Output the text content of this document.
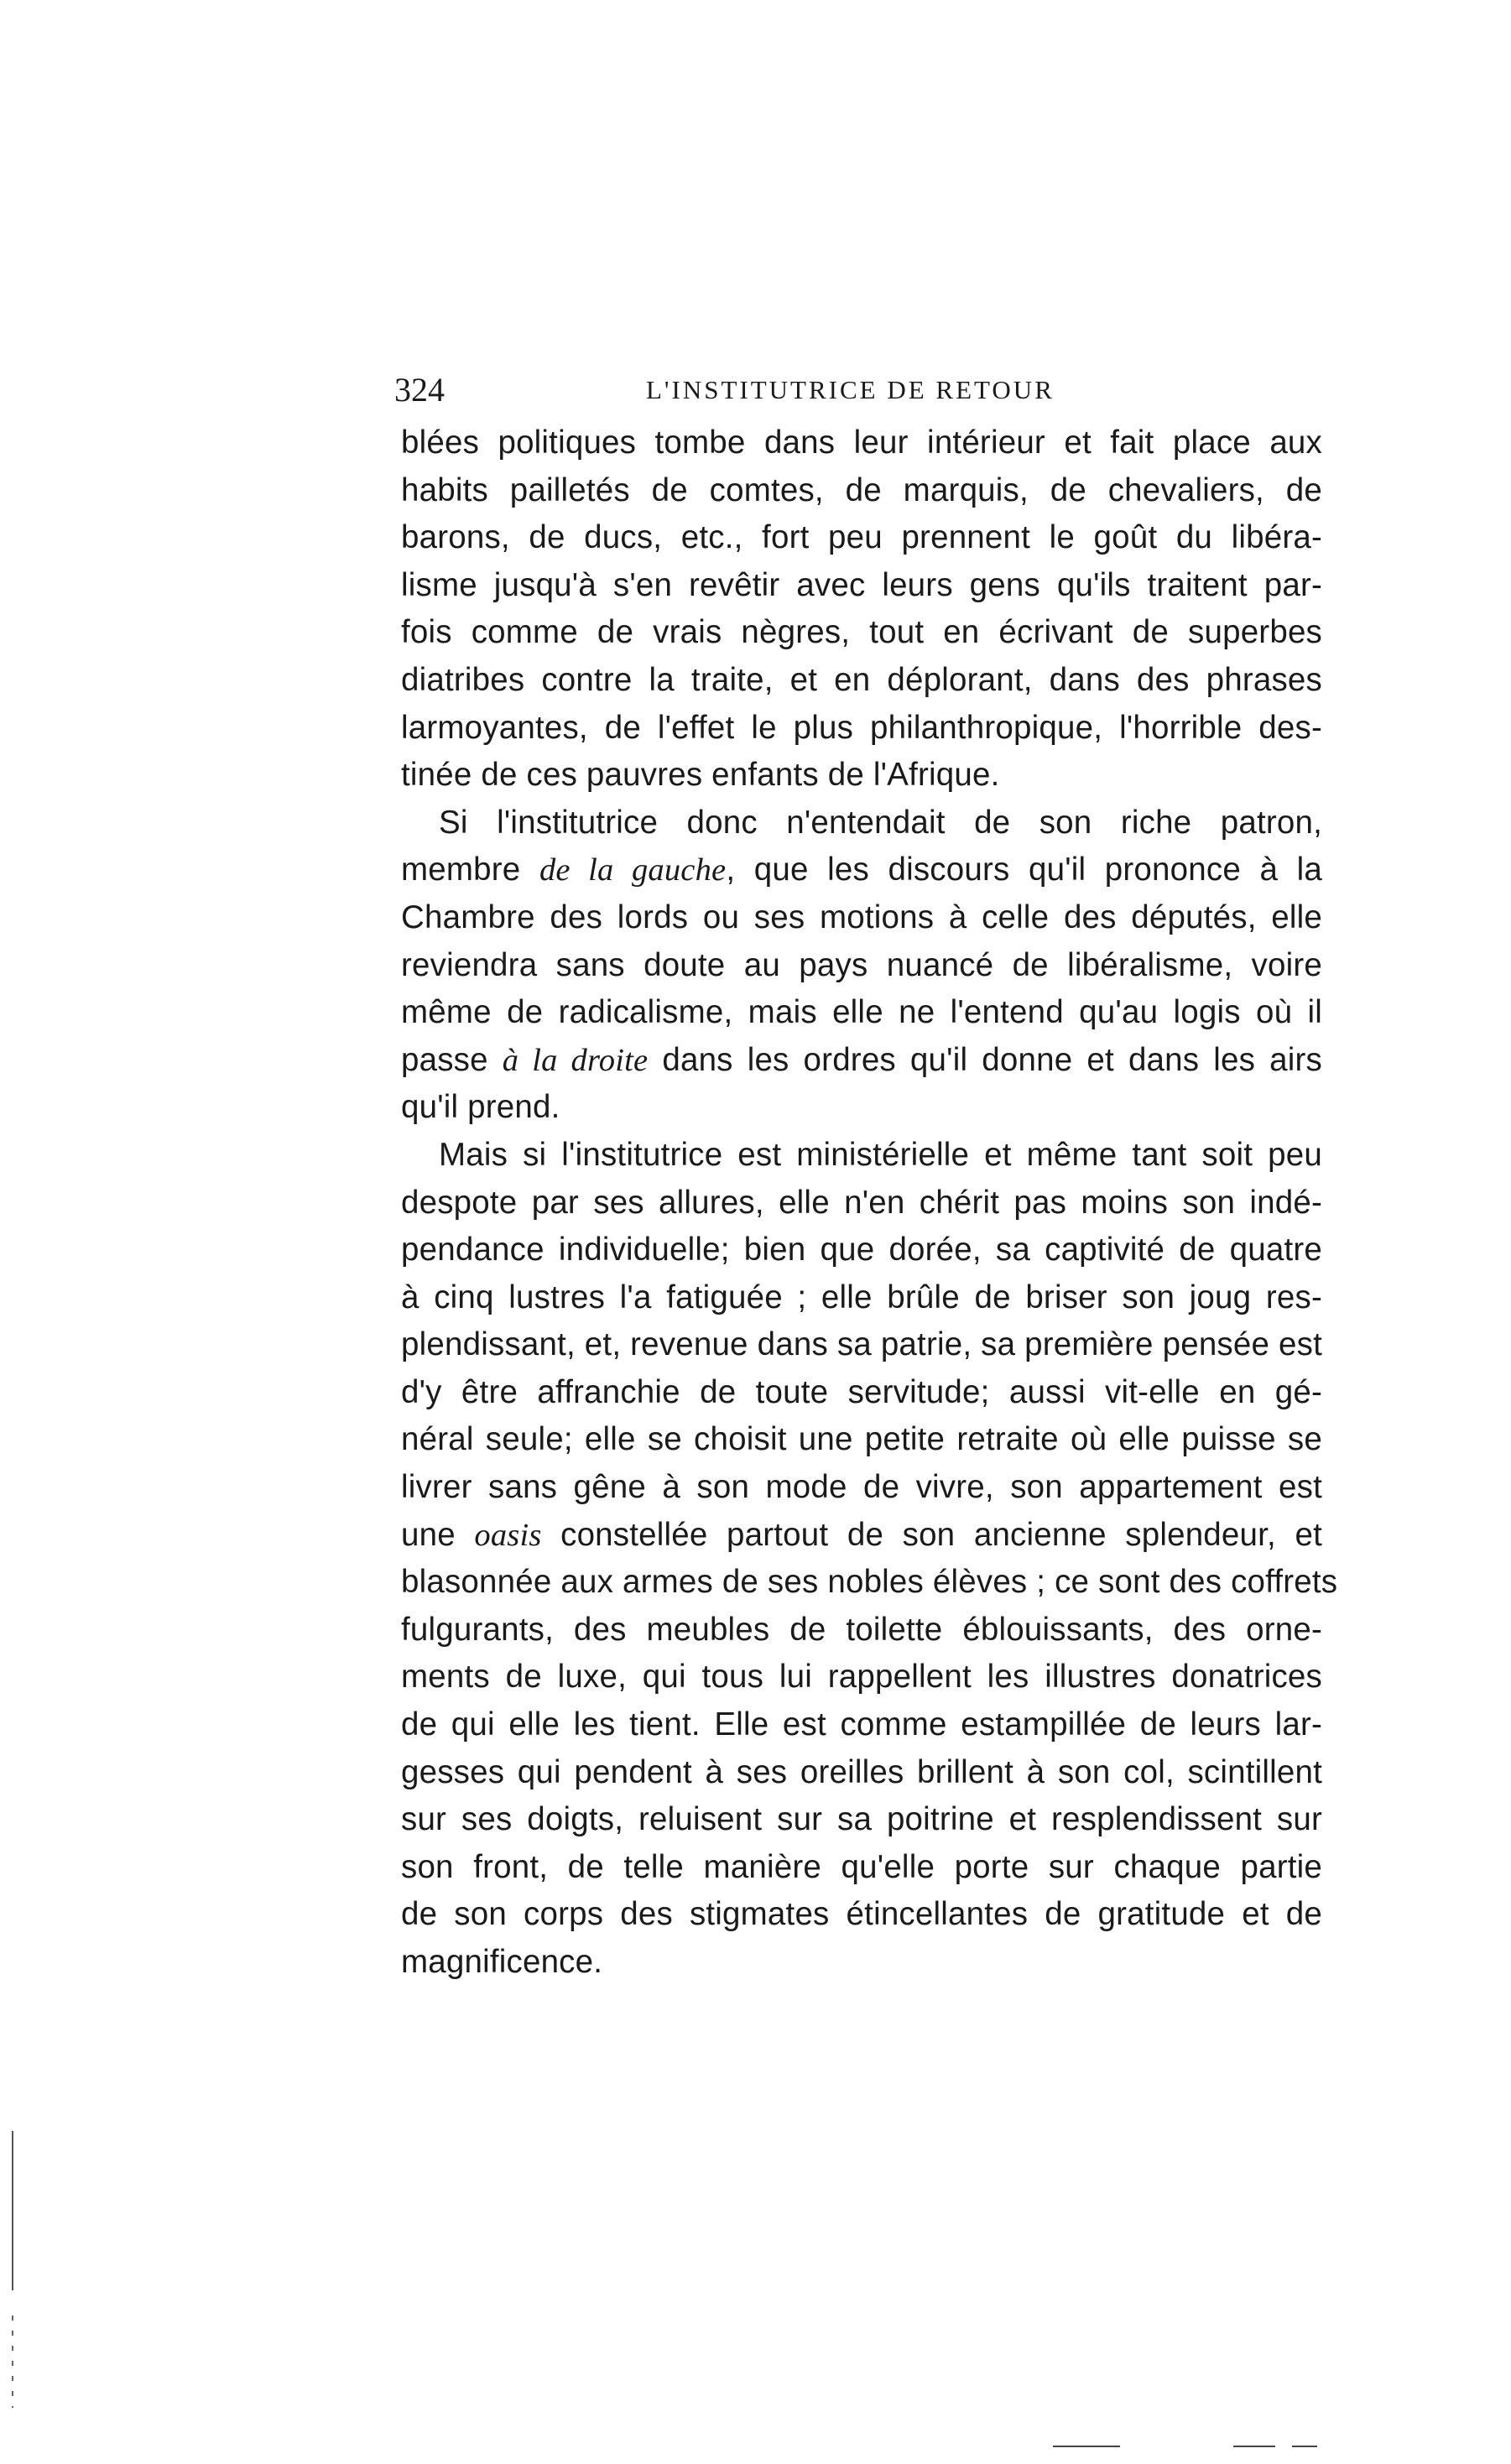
324	L'INSTITUTRICE DE RETOUR
blées politiques tombe dans leur intérieur et fait place aux
habits pailletés de comtes, de marquis, de chevaliers, de
barons, de ducs, etc., fort peu prennent le goût du libéra-
lisme jusqu'à s'en revêtir avec leurs gens qu'ils traitent par-
fois comme de vrais nègres, tout en écrivant de superbes
diatribes contre la traite, et en déplorant, dans des phrases
larmoyantes, de l'effet le plus philanthropique, l'horrible des-
tinée de ces pauvres enfants de l'Afrique.
Si l'institutrice donc n'entendait de son riche patron,
membre de la gauche, que les discours qu'il prononce à la
Chambre des lords ou ses motions à celle des députés, elle
reviendra sans doute au pays nuancé de libéralisme, voire
même de radicalisme, mais elle ne l'entend qu'au logis où il
passe à la droite dans les ordres qu'il donne et dans les airs
qu'il prend.
Mais si l'institutrice est ministérielle et même tant soit peu
despote par ses allures, elle n'en chérit pas moins son indé-
pendance individuelle; bien que dorée, sa captivité de quatre
à cinq lustres l'a fatiguée ; elle brûle de briser son joug res-
plendissant, et, revenue dans sa patrie, sa première pensée est
d'y être affranchie de toute servitude; aussi vit-elle en gé-
néral seule; elle se choisit une petite retraite où elle puisse se
livrer sans gêne à son mode de vivre, son appartement est
une oasis constellée partout de son ancienne splendeur, et
blasonnée aux armes de ses nobles élèves ; ce sont des coffrets
fulgurants, des meubles de toilette éblouissants, des orne-
ments de luxe, qui tous lui rappellent les illustres donatrices
de qui elle les tient. Elle est comme estampillée de leurs lar-
gesses qui pendent à ses oreilles brillent à son col, scintillent
sur ses doigts, reluisent sur sa poitrine et resplendissent sur
son front, de telle manière qu'elle porte sur chaque partie
de son corps des stigmates étincellantes de gratitude et de
magnificence.
